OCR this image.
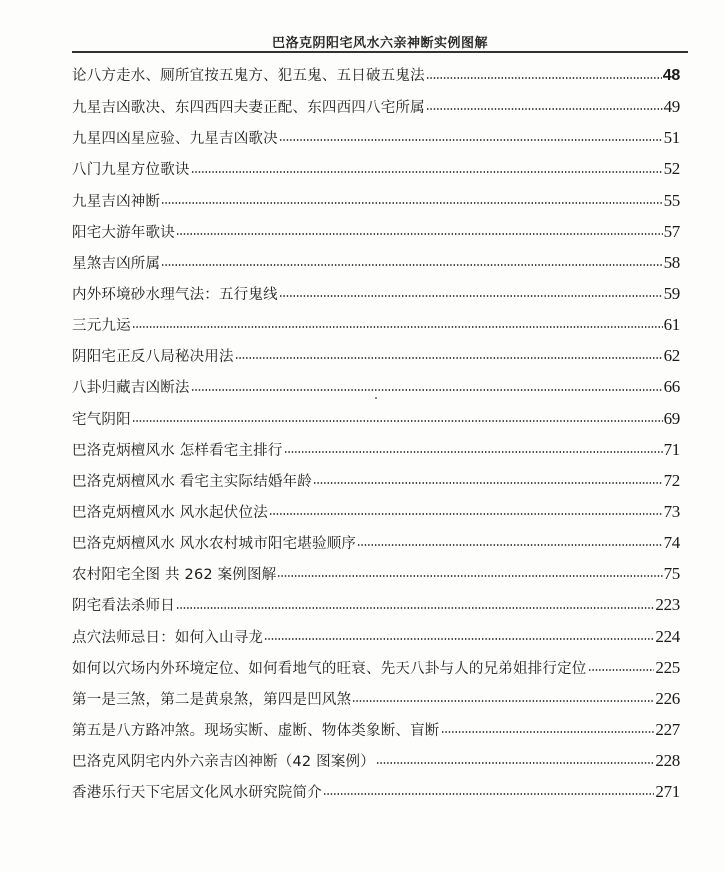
巴洛克阴阳宅风水六亲神断实例图解
论八方走水、厕所宜按五鬼方、犯五鬼、五日破五鬼法	48
九星吉凶歌决、东四西四夫妻正配、东四西四八宅所属	49
九星四凶星应验、九星吉凶歌决	51
八门九星方位歌诀	52
九星吉凶神断	55
阳宅大游年歌诀	57
星煞吉凶所属	58
内外环境砂水理气法：五行鬼线	59
三元九运	61
阴阳宅正反八局秘决用法	62
八卦归藏吉凶断法	66
宅气阴阳	69
巴洛克炳檀风水 怎样看宅主排行	71
巴洛克炳檀风水 看宅主实际结婚年龄	72
巴洛克炳檀风水 风水起伏位法	73
巴洛克炳檀风水 风水农村城市阳宅堪验顺序	74
农村阳宅全图 共 262 案例图解	75
阴宅看法杀师日	223
点穴法师忌日：如何入山寻龙	224
如何以穴场内外环境定位、如何看地气的旺衰、先天八卦与人的兄弟姐排行定位	225
第一是三煞，第二是黄泉煞，第四是凹风煞	226
第五是八方路冲煞。现场实断、虚断、物体类象断、盲断	227
巴洛克风阴宅内外六亲吉凶神断（42 图案例）	228
香港乐行天下宅居文化风水研究院简介	271
